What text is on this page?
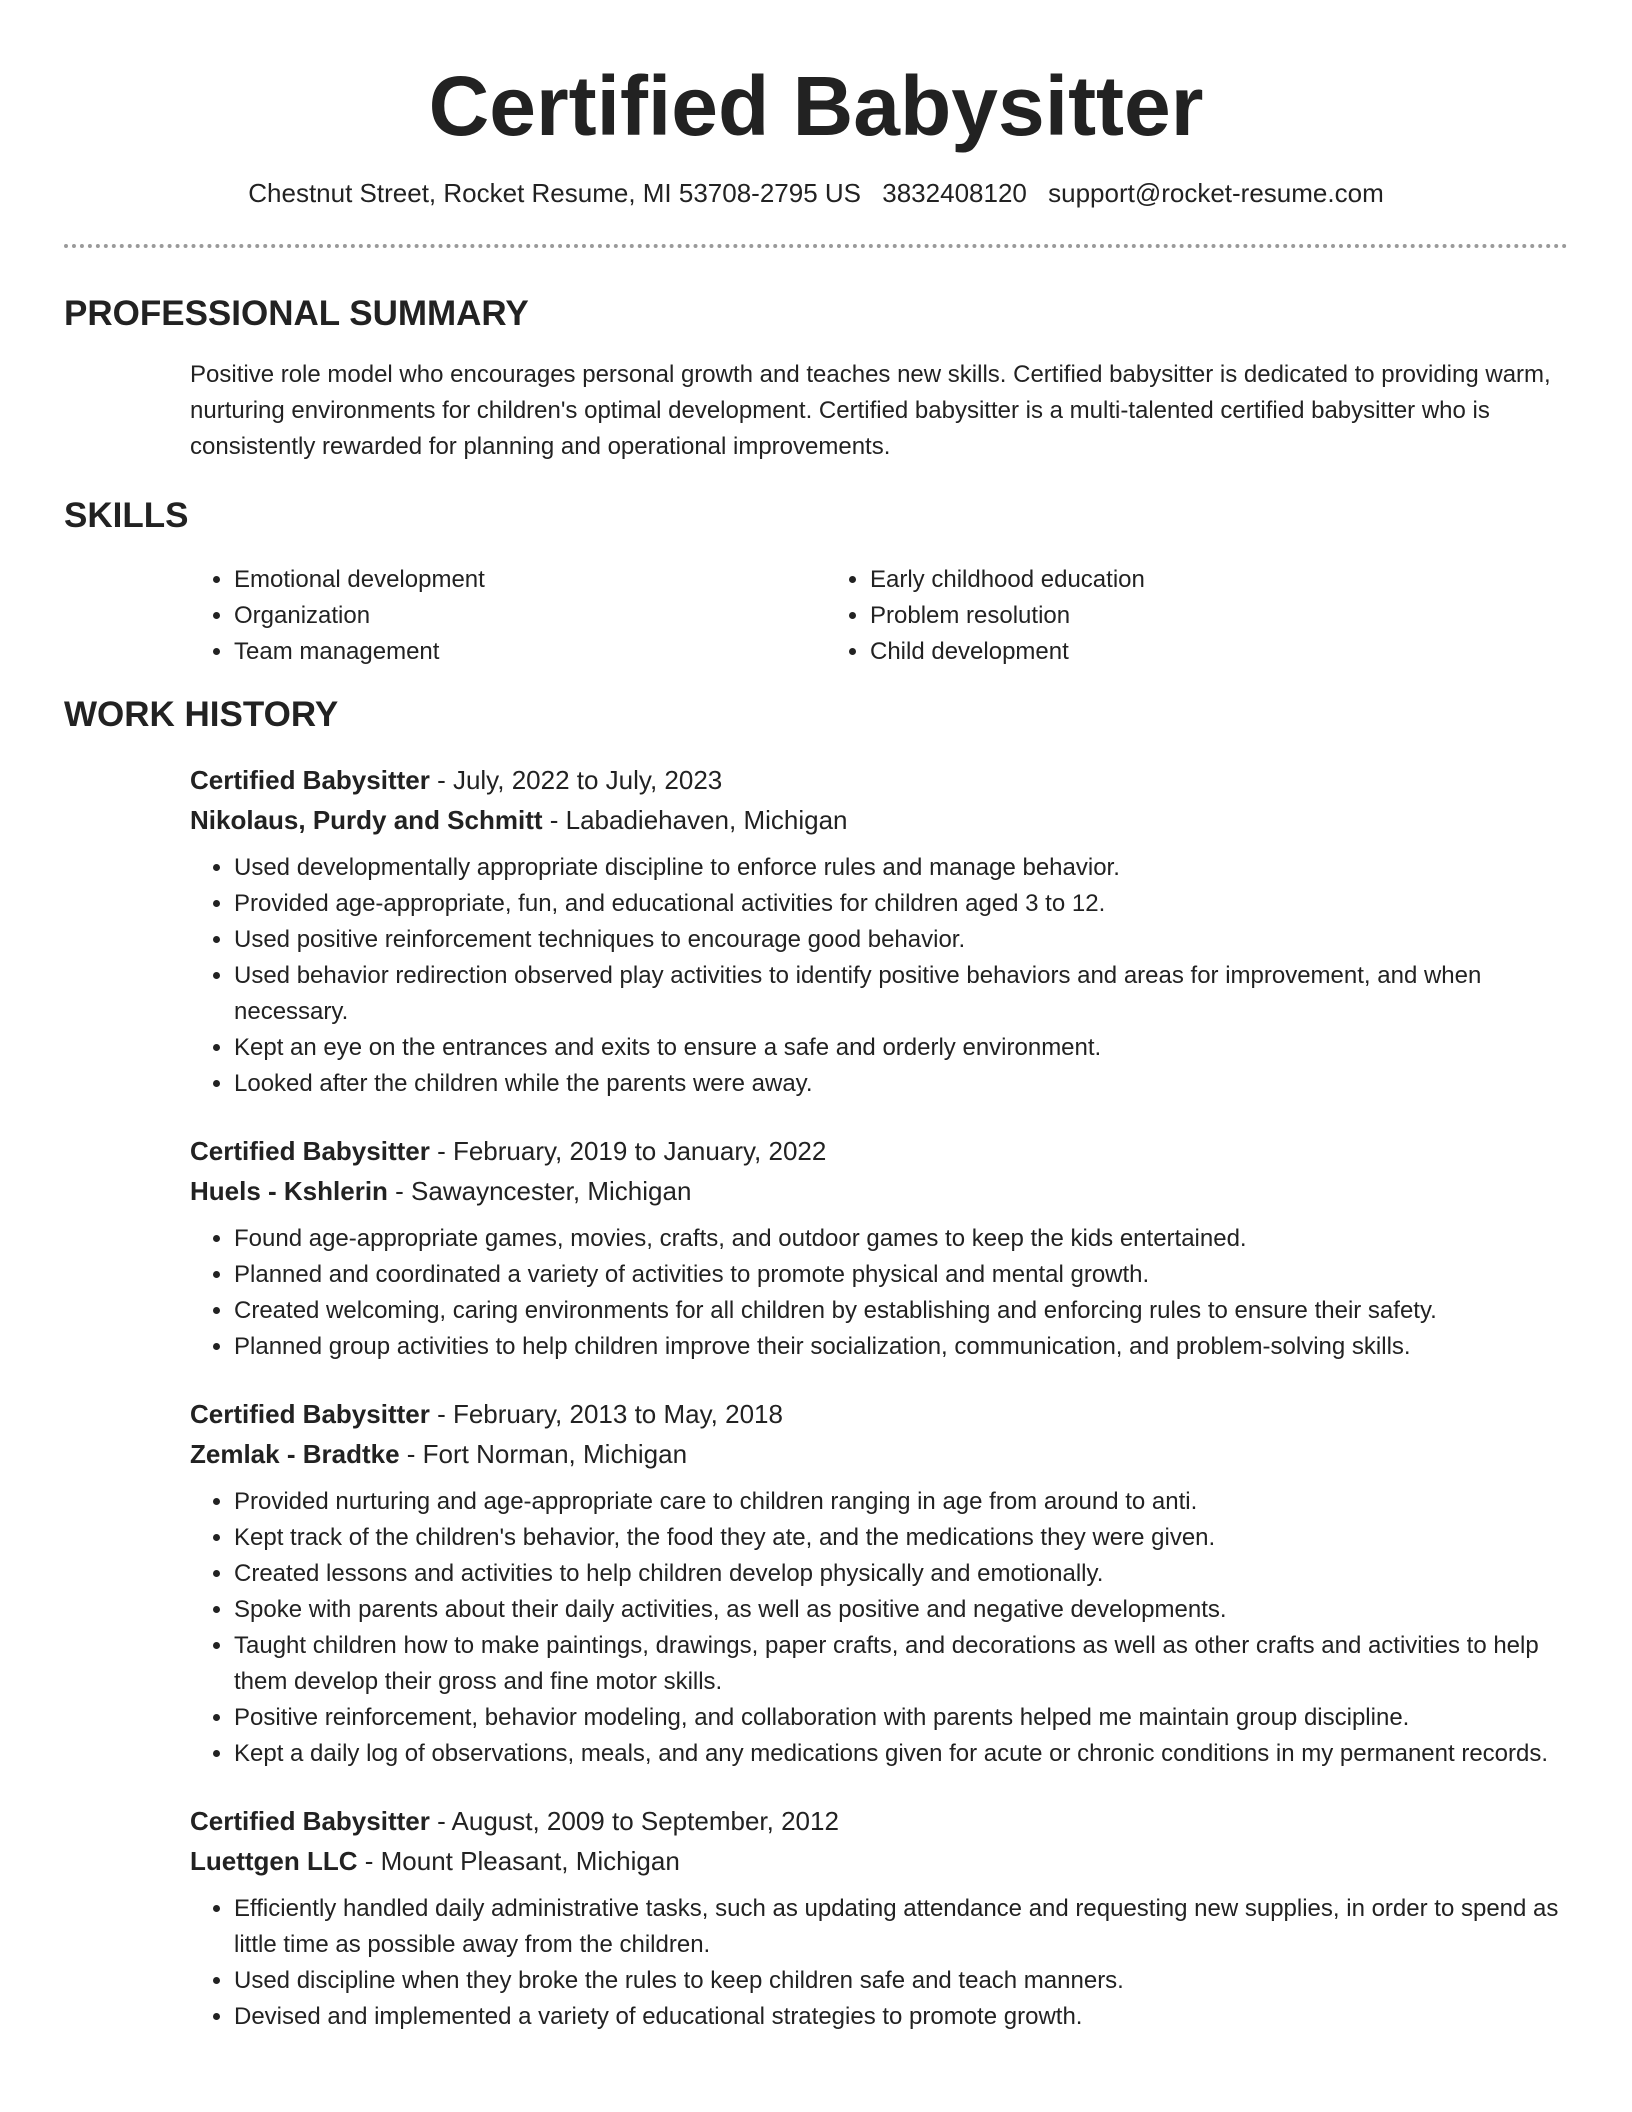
Certified Babysitter
Chestnut Street, Rocket Resume, MI 53708-2795 US 3832408120 support@rocket-resume.com
PROFESSIONAL SUMMARY

Positive role model who encourages personal growth and teaches new skills. Certified babysitter is dedicated to providing warm, nurturing environments for children's optimal development. Certified babysitter is a multi-talented certified babysitter who is consistently rewarded for planning and operational improvements.

SKILLS
• Emotional development
• Organization
• Team management
• Early childhood education
• Problem resolution
• Child development
WORK HISTORY
Certified Babysitter - July, 2022 to July, 2023
Nikolaus, Purdy and Schmitt - Labadiehaven, Michigan
• Used developmentally appropriate discipline to enforce rules and manage behavior.
• Provided age-appropriate, fun, and educational activities for children aged 3 to 12.
• Used positive reinforcement techniques to encourage good behavior.
• Used behavior redirection observed play activities to identify positive behaviors and areas for improvement, and when necessary.
• Kept an eye on the entrances and exits to ensure a safe and orderly environment.
• Looked after the children while the parents were away.
Certified Babysitter - February, 2019 to January, 2022
Huels - Kshlerin - Sawayncester, Michigan
• Found age-appropriate games, movies, crafts, and outdoor games to keep the kids entertained.
• Planned and coordinated a variety of activities to promote physical and mental growth.
• Created welcoming, caring environments for all children by establishing and enforcing rules to ensure their safety.
• Planned group activities to help children improve their socialization, communication, and problem-solving skills.
Certified Babysitter - February, 2013 to May, 2018
Zemlak - Bradtke - Fort Norman, Michigan
• Provided nurturing and age-appropriate care to children ranging in age from around to anti.
• Kept track of the children's behavior, the food they ate, and the medications they were given.
• Created lessons and activities to help children develop physically and emotionally.
• Spoke with parents about their daily activities, as well as positive and negative developments.
• Taught children how to make paintings, drawings, paper crafts, and decorations as well as other crafts and activities to help them develop their gross and fine motor skills.
• Positive reinforcement, behavior modeling, and collaboration with parents helped me maintain group discipline.
• Kept a daily log of observations, meals, and any medications given for acute or chronic conditions in my permanent records.
Certified Babysitter - August, 2009 to September, 2012
Luettgen LLC - Mount Pleasant, Michigan
• Efficiently handled daily administrative tasks, such as updating attendance and requesting new supplies, in order to spend as little time as possible away from the children.
• Used discipline when they broke the rules to keep children safe and teach manners.
• Devised and implemented a variety of educational strategies to promote growth.
